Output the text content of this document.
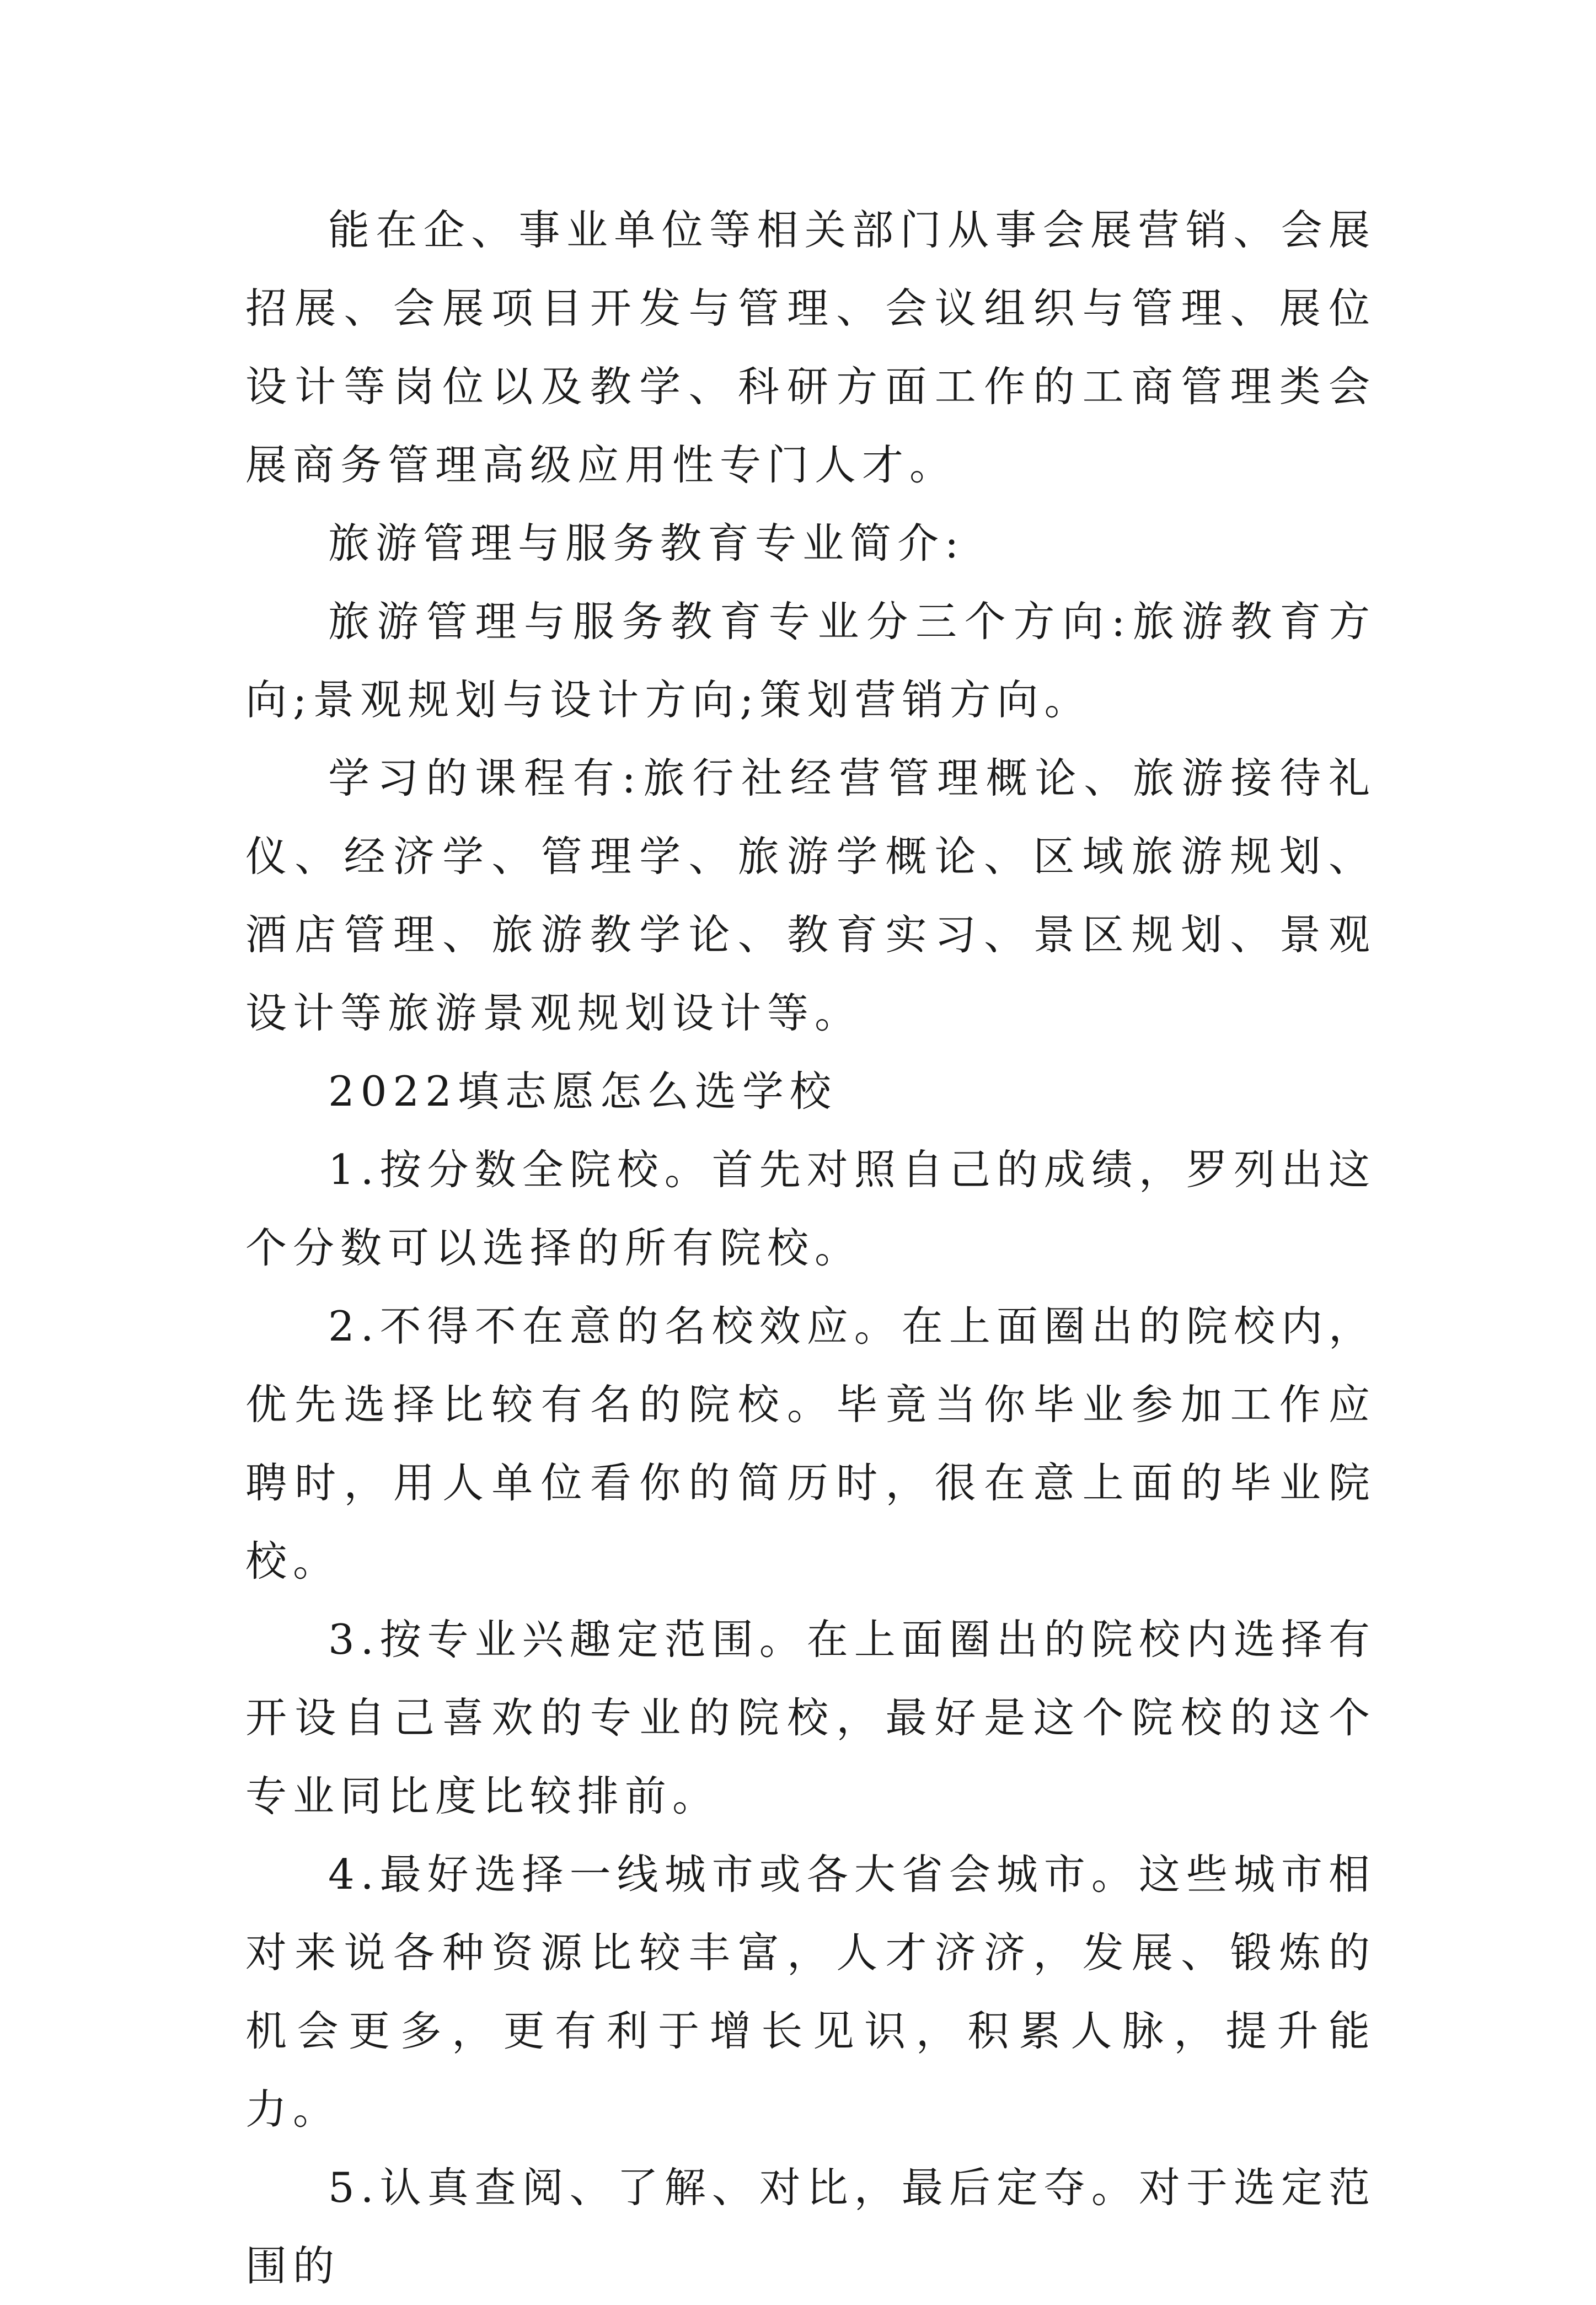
能在企、事业单位等相关部门从事会展营销、会展招展、会展项目开发与管理、会议组织与管理、展位设计等岗位以及教学、科研方面工作的工商管理类会展商务管理高级应用性专门人才。

旅游管理与服务教育专业简介:

旅游管理与服务教育专业分三个方向:旅游教育方向;景观规划与设计方向;策划营销方向。

学习的课程有:旅行社经营管理概论、旅游接待礼仪、经济学、管理学、旅游学概论、区域旅游规划、酒店管理、旅游教学论、教育实习、景区规划、景观设计等旅游景观规划设计等。

2022填志愿怎么选学校

1.按分数全院校。首先对照自己的成绩，罗列出这个分数可以选择的所有院校。

2.不得不在意的名校效应。在上面圈出的院校内，优先选择比较有名的院校。毕竟当你毕业参加工作应聘时，用人单位看你的简历时，很在意上面的毕业院校。

3.按专业兴趣定范围。在上面圈出的院校内选择有开设自己喜欢的专业的院校，最好是这个院校的这个专业同比度比较排前。

4.最好选择一线城市或各大省会城市。这些城市相对来说各种资源比较丰富，人才济济，发展、锻炼的机会更多，更有利于增长见识，积累人脉，提升能力。

5.认真查阅、了解、对比，最后定夺。对于选定范围的
